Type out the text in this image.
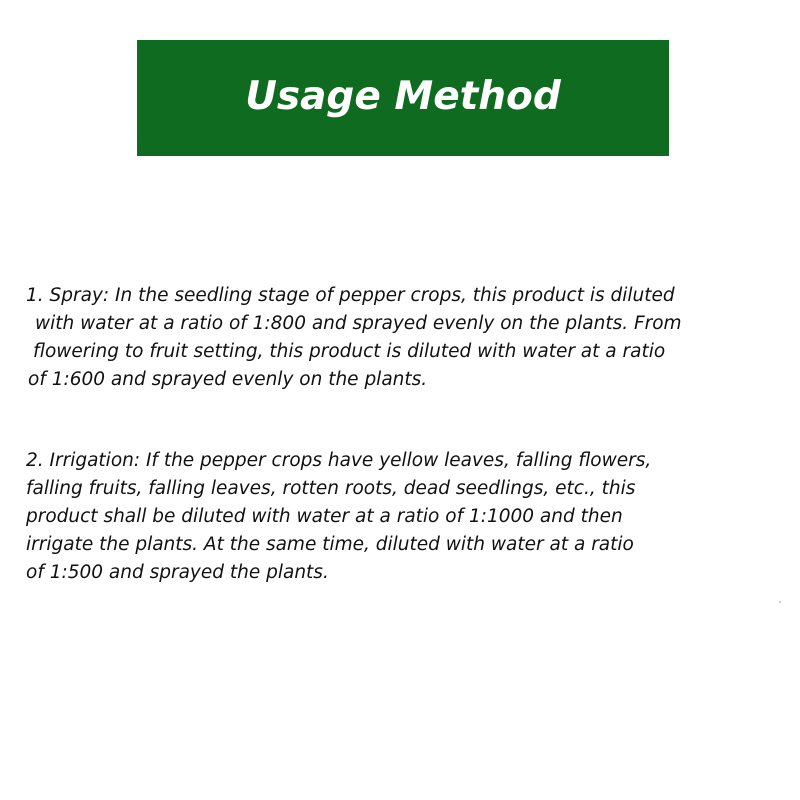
Usage Method
1. Spray: In the seedling stage of pepper crops, this product is diluted
with water at a ratio of 1:800 and sprayed evenly on the plants. From
flowering to fruit setting, this product is diluted with water at a ratio
of 1:600 and sprayed evenly on the plants.
2. Irrigation: If the pepper crops have yellow leaves, falling flowers,
falling fruits, falling leaves, rotten roots, dead seedlings, etc., this
product shall be diluted with water at a ratio of 1:1000 and then
irrigate the plants. At the same time, diluted with water at a ratio
of 1:500 and sprayed the plants.
